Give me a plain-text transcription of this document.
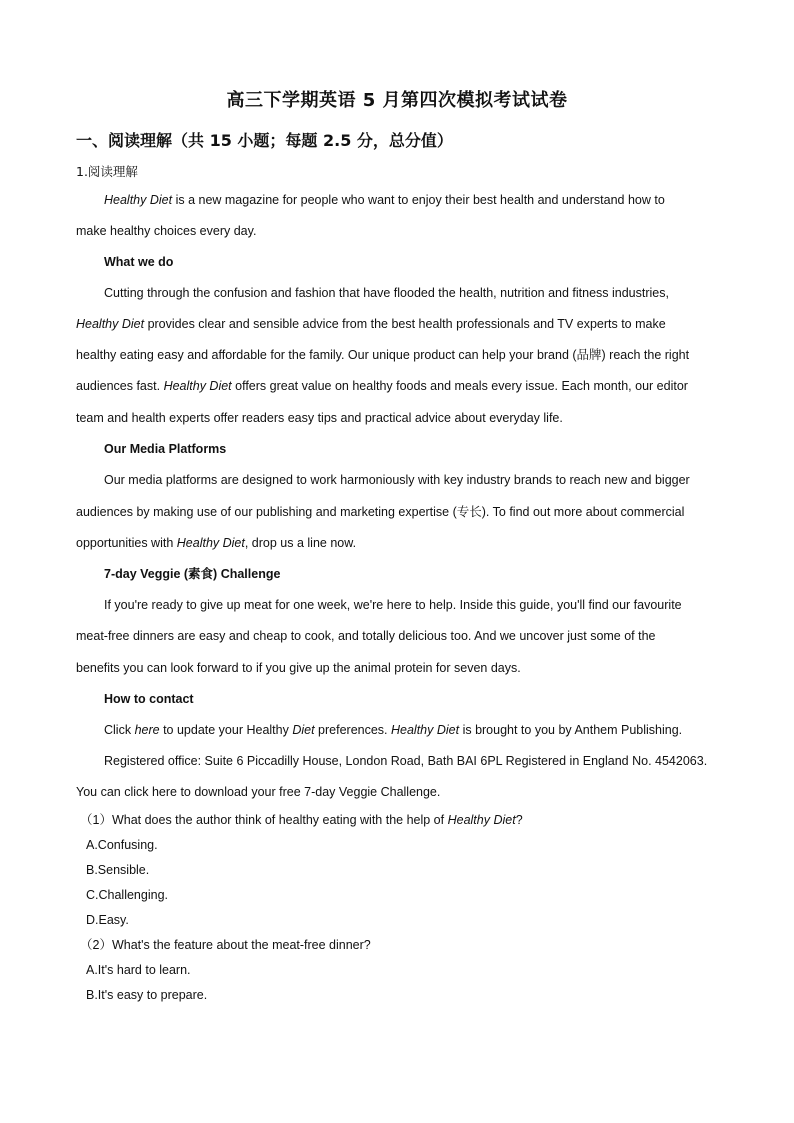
高三下学期英语 5 月第四次模拟考试试卷
一、阅读理解（共 15 小题；每题 2.5 分，总分值）
1.阅读理解
Healthy Diet is a new magazine for people who want to enjoy their best health and understand how to
make healthy choices every day.
What we do
Cutting through the confusion and fashion that have flooded the health, nutrition and fitness industries,
Healthy Diet provides clear and sensible advice from the best health professionals and TV experts to make
healthy eating easy and affordable for the family. Our unique product can help your brand (品牌) reach the right
audiences fast. Healthy Diet offers great value on healthy foods and meals every issue. Each month, our editor
team and health experts offer readers easy tips and practical advice about everyday life.
Our Media Platforms
Our media platforms are designed to work harmoniously with key industry brands to reach new and bigger
audiences by making use of our publishing and marketing expertise (专长). To find out more about commercial
opportunities with Healthy Diet, drop us a line now.
7-day Veggie (素食) Challenge
If you're ready to give up meat for one week, we're here to help. Inside this guide, you'll find our favourite
meat-free dinners are easy and cheap to cook, and totally delicious too. And we uncover just some of the
benefits you can look forward to if you give up the animal protein for seven days.
How to contact
Click here to update your Healthy Diet preferences. Healthy Diet is brought to you by Anthem Publishing.
Registered office: Suite 6 Piccadilly House, London Road, Bath BAI 6PL Registered in England No. 4542063.
You can click here to download your free 7-day Veggie Challenge.
（1）What does the author think of healthy eating with the help of Healthy Diet?
A.Confusing.
B.Sensible.
C.Challenging.
D.Easy.
（2）What's the feature about the meat-free dinner?
A.It's hard to learn.
B.It's easy to prepare.
